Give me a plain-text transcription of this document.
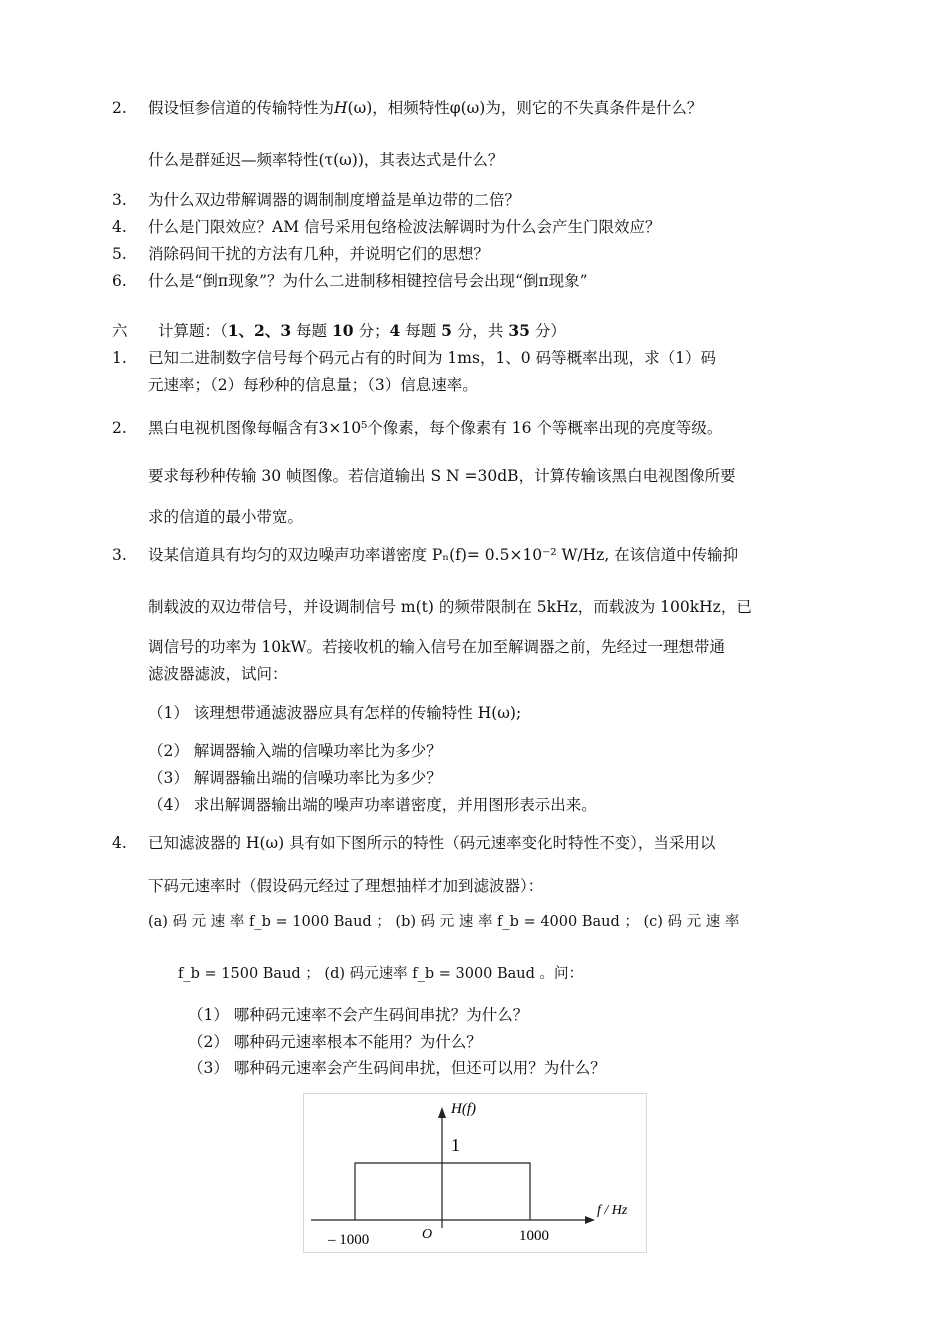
2. 假设恒参信道的传输特性为𝐻(ω)，相频特性φ(ω)为，则它的不失真条件是什么？
什么是群延迟—频率特性(τ(ω))，其表达式是什么？
3. 为什么双边带解调器的调制制度增益是单边带的二倍？
4. 什么是门限效应？AM 信号采用包络检波法解调时为什么会产生门限效应？
5. 消除码间干扰的方法有几种，并说明它们的思想？
6. 什么是“倒π现象”？为什么二进制移相键控信号会出现“倒π现象”
六 计算题：（1、2、3 每题 10 分；4 每题 5 分，共 35 分）
1. 已知二进制数字信号每个码元占有的时间为 1ms，1、0 码等概率出现，求（1）码
元速率；（2）每秒种的信息量；（3）信息速率。
2. 黑白电视机图像每幅含有3×10⁵个像素，每个像素有 16 个等概率出现的亮度等级。
要求每秒种传输 30 帧图像。若信道输出 S N =30dB，计算传输该黑白电视图像所要
求的信道的最小带宽。
3. 设某信道具有均匀的双边噪声功率谱密度 Pₙ(f)= 0.5×10⁻² W/Hz, 在该信道中传输抑
制载波的双边带信号，并设调制信号 m(t) 的频带限制在 5kHz，而载波为 100kHz，已
调信号的功率为 10kW。若接收机的输入信号在加至解调器之前，先经过一理想带通
滤波器滤波，试问：
（1） 该理想带通滤波器应具有怎样的传输特性 H(ω);
（2） 解调器输入端的信噪功率比为多少？
（3） 解调器输出端的信噪功率比为多少？
（4） 求出解调器输出端的噪声功率谱密度，并用图形表示出来。
4. 已知滤波器的 H(ω) 具有如下图所示的特性（码元速率变化时特性不变），当采用以
下码元速率时（假设码元经过了理想抽样才加到滤波器）：
(a) 码 元 速 率 f_b = 1000 Baud ； (b) 码 元 速 率 f_b = 4000 Baud ； (c) 码 元 速 率
f_b = 1500 Baud ； (d) 码元速率 f_b = 3000 Baud 。问：
（1） 哪种码元速率不会产生码间串扰？为什么？
（2） 哪种码元速率根本不能用？为什么？
（3） 哪种码元速率会产生码间串扰，但还可以用？为什么？
H(f)
1
f / Hz
O
– 1000	1000
